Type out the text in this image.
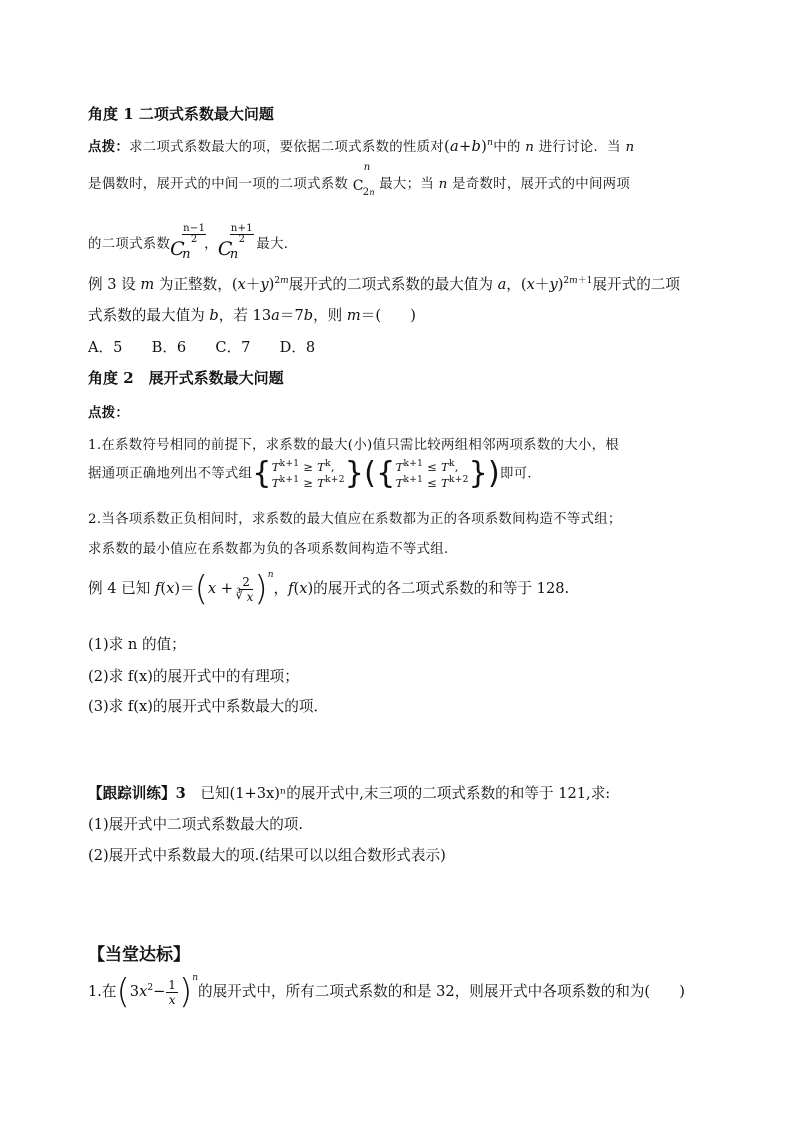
角度 1 二项式系数最大问题
点拨：求二项式系数最大的项，要依据二项式系数的性质对$(a+b)^n$中的 n 进行讨论．当 n
是偶数时，展开式的中间一项的二项式系数 C
n
2n
最大；当 n 是奇数时，展开式的中间两项
的二项式系数 C
n
$\frac{n-1}{2}$
， C
n
$\frac{n+1}{2}$
最大．
例 3 设 m 为正整数，$(x+y)^{2m}$展开式的二项式系数的最大值为 a，$(x+y)^{2m+1}$展开式的二项
式系数的最大值为 b，若 13a＝7b，则 m＝(　　)
A．5　　B．6　　C．7　　D．8
角度 2　展开式系数最大问题
点拨：
1.在系数符号相同的前提下，求系数的最大(小)值只需比较两组相邻两项系数的大小，根
据通项正确地列出不等式组{$T^{k+1} \ge T^k$,
$T^{k+1} \ge T^{k+2}\}(\{T^{k+1} \le T^k$,
$T^{k+1} \le T^{k+2}$})即可．
2.当各项系数正负相间时，求系数的最大值应在系数都为正的各项系数间构造不等式组；
求系数的最小值应在系数都为负的各项系数间构造不等式组.
例 4 已知 f(x)＝(x + 2
∛ x )$^n$，f(x)的展开式的各二项式系数的和等于 128.
(1)求 n 的值；
(2)求 f(x)的展开式中的有理项；
(3)求 f(x)的展开式中系数最大的项．
【跟踪训练】3　已知(1+3x)ⁿ的展开式中,末三项的二项式系数的和等于 121,求:
(1)展开式中二项式系数最大的项.
(2)展开式中系数最大的项.(结果可以以组合数形式表示)
【当堂达标】
1.在$(3x^2- \frac{1}{x} )^n$的展开式中，所有二项式系数的和是 32，则展开式中各项系数的和为(　　)
